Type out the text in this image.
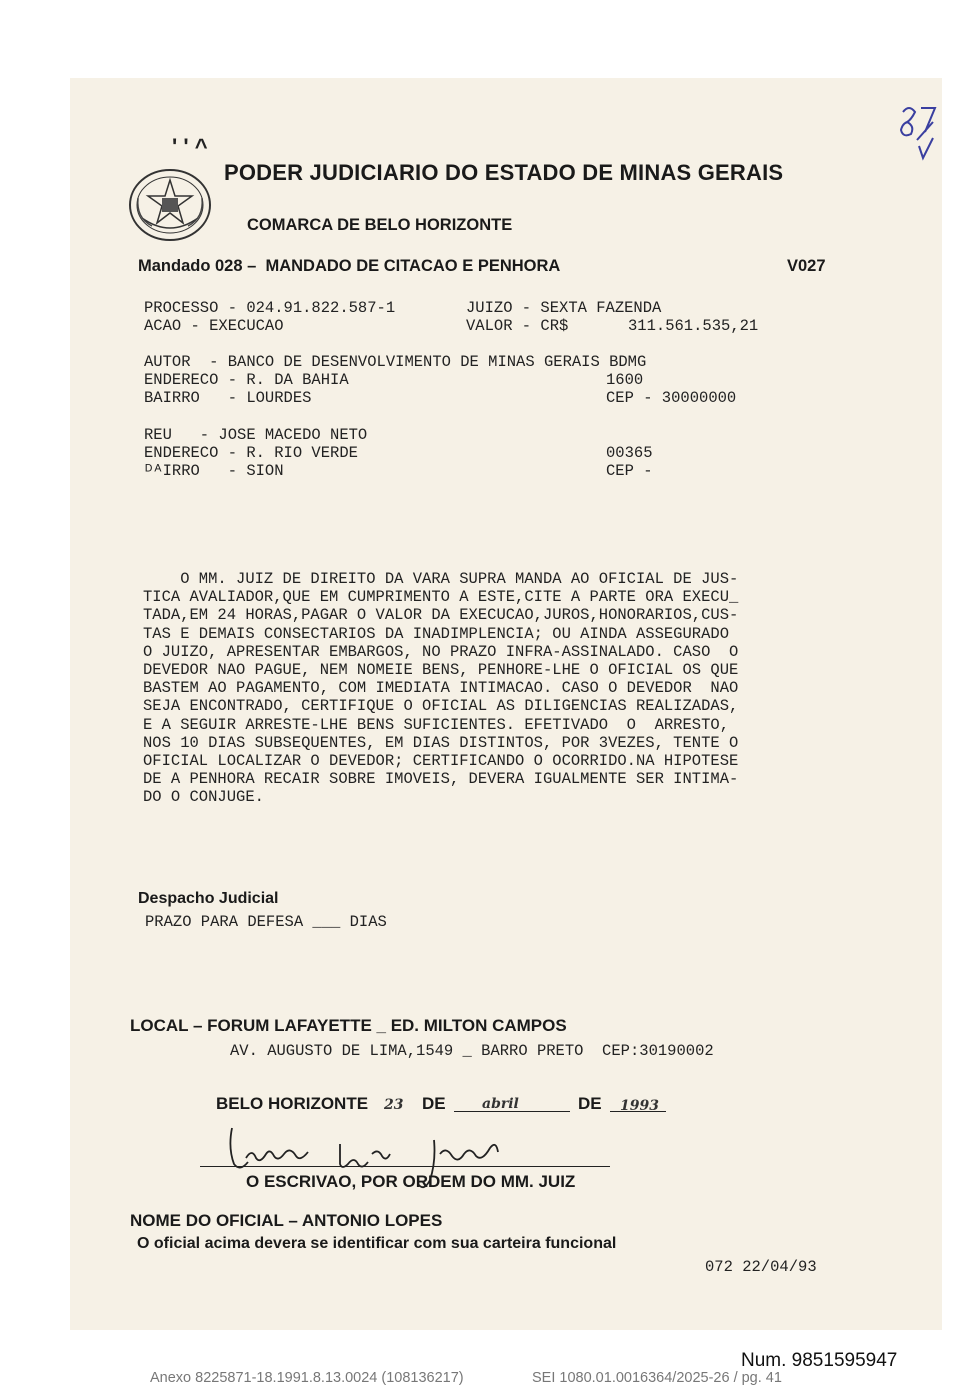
' ' ^
PODER JUDICIARIO DO ESTADO DE MINAS GERAIS
COMARCA DE BELO HORIZONTE
Mandado 028 –  MANDADO DE CITACAO E PENHORA	V027
PROCESSO - 024.91.822.587-1	JUIZO - SEXTA FAZENDA
ACAO - EXECUCAO	VALOR - CR$	311.561.535,21
AUTOR  - BANCO DE DESENVOLVIMENTO DE MINAS GERAIS BDMG
ENDERECO - R. DA BAHIA	1600
BAIRRO   - LOURDES	CEP - 30000000
REU   - JOSE MACEDO NETO
ENDERECO - R. RIO VERDE	00365
ᴰᴬIRRO   - SION	CEP -
O MM. JUIZ DE DIREITO DA VARA SUPRA MANDA AO OFICIAL DE JUS-
TICA AVALIADOR,QUE EM CUMPRIMENTO A ESTE,CITE A PARTE ORA EXECU_
TADA,EM 24 HORAS,PAGAR O VALOR DA EXECUCAO,JUROS,HONORARIOS,CUS-
TAS E DEMAIS CONSECTARIOS DA INADIMPLENCIA; OU AINDA ASSEGURADO
O JUIZO, APRESENTAR EMBARGOS, NO PRAZO INFRA-ASSINALADO. CASO  O
DEVEDOR NAO PAGUE, NEM NOMEIE BENS, PENHORE-LHE O OFICIAL OS QUE
BASTEM AO PAGAMENTO, COM IMEDIATA INTIMACAO. CASO O DEVEDOR  NAO
SEJA ENCONTRADO, CERTIFIQUE O OFICIAL AS DILIGENCIAS REALIZADAS,
E A SEGUIR ARRESTE-LHE BENS SUFICIENTES. EFETIVADO  O  ARRESTO,
NOS 10 DIAS SUBSEQUENTES, EM DIAS DISTINTOS, POR 3VEZES, TENTE O
OFICIAL LOCALIZAR O DEVEDOR; CERTIFICANDO O OCORRIDO.NA HIPOTESE
DE A PENHORA RECAIR SOBRE IMOVEIS, DEVERA IGUALMENTE SER INTIMA-
DO O CONJUGE.
Despacho Judicial
PRAZO PARA DEFESA ___ DIAS
LOCAL – FORUM LAFAYETTE _ ED. MILTON CAMPOS
AV. AUGUSTO DE LIMA,1549 _ BARRO PRETO  CEP:30190002
BELO HORIZONTE 23 DE	abril	DE 1993
O ESCRIVAO, POR ORDEM DO MM. JUIZ
NOME DO OFICIAL – ANTONIO LOPES
O oficial acima devera se identificar com sua carteira funcional
072 22/04/93
Num. 9851595947
Anexo 8225871-18.1991.8.13.0024 (108136217)	SEI 1080.01.0016364/2025-26 / pg. 41
